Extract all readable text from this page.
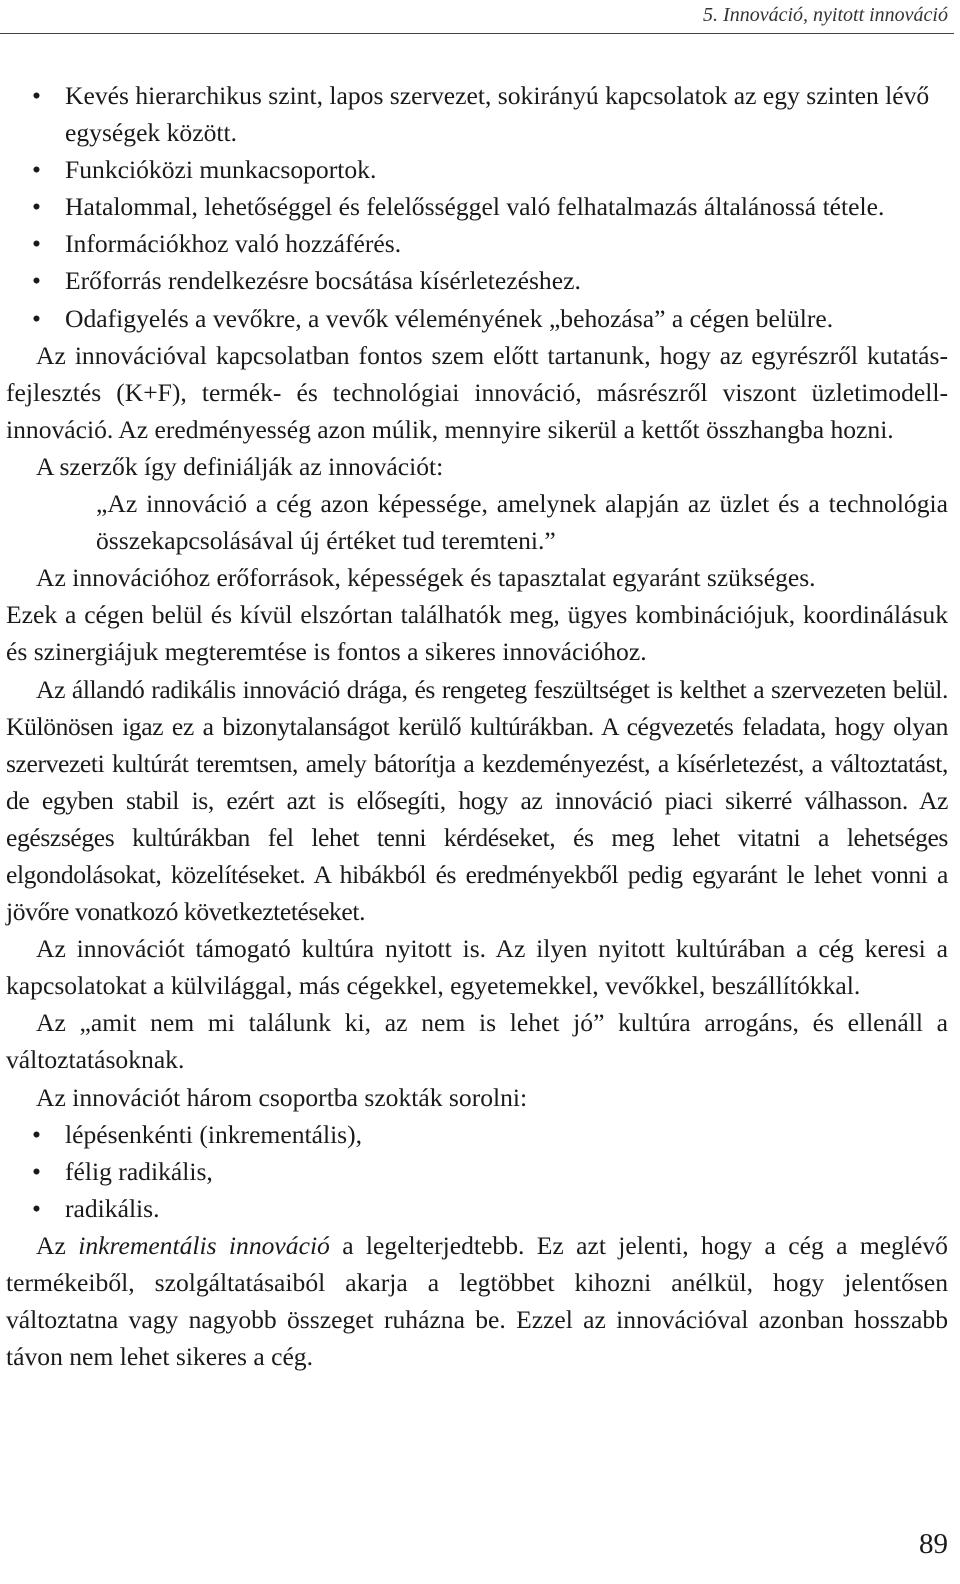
5. Innováció, nyitott innováció
• Kevés hierarchikus szint, lapos szervezet, sokirányú kapcsolatok az egy szinten lévő egységek között.
• Funkcióközi munkacsoportok.
• Hatalommal, lehetőséggel és felelősséggel való felhatalmazás általánossá tétele.
• Információkhoz való hozzáférés.
• Erőforrás rendelkezésre bocsátása kísérletezéshez.
• Odafigyelés a vevőkre, a vevők véleményének „behozása” a cégen belülre.

Az innovációval kapcsolatban fontos szem előtt tartanunk, hogy az egyrészről kutatás-fejlesztés (K+F), termék- és technológiai innováció, másrészről viszont üzletimodell-innováció. Az eredményesség azon múlik, mennyire sikerül a kettőt összhangba hozni.

A szerzők így definiálják az innovációt:

„Az innováció a cég azon képessége, amelynek alapján az üzlet és a technológia összekapcsolásával új értéket tud teremteni.”

Az innovációhoz erőforrások, képességek és tapasztalat egyaránt szükséges.

Ezek a cégen belül és kívül elszórtan találhatók meg, ügyes kombinációjuk, koordinálásuk és szinergiájuk megteremtése is fontos a sikeres innovációhoz.

Az állandó radikális innováció drága, és rengeteg feszültséget is kelthet a szervezeten belül. Különösen igaz ez a bizonytalanságot kerülő kultúrákban. A cégvezetés feladata, hogy olyan szervezeti kultúrát teremtsen, amely bátorítja a kezdeményezést, a kísérletezést, a változtatást, de egyben stabil is, ezért azt is elősegíti, hogy az innováció piaci sikerré válhasson. Az egészséges kultúrákban fel lehet tenni kérdéseket, és meg lehet vitatni a lehetséges elgondolásokat, közelítéseket. A hibákból és eredményekből pedig egyaránt le lehet vonni a jövőre vonatkozó következtetéseket.

Az innovációt támogató kultúra nyitott is. Az ilyen nyitott kultúrában a cég keresi a kapcsolatokat a külvilággal, más cégekkel, egyetemekkel, vevőkkel, beszállítókkal.

Az „amit nem mi találunk ki, az nem is lehet jó” kultúra arrogáns, és ellenáll a változtatásoknak.

Az innovációt három csoportba szokták sorolni:

• lépésenkénti (inkrementális),
• félig radikális,
• radikális.

Az inkrementális innováció a legelterjedtebb. Ez azt jelenti, hogy a cég a meglévő termékeiből, szolgáltatásaiból akarja a legtöbbet kihozni anélkül, hogy jelentősen változtatna vagy nagyobb összeget ruházna be. Ezzel az innovációval azonban hosszabb távon nem lehet sikeres a cég.

89
